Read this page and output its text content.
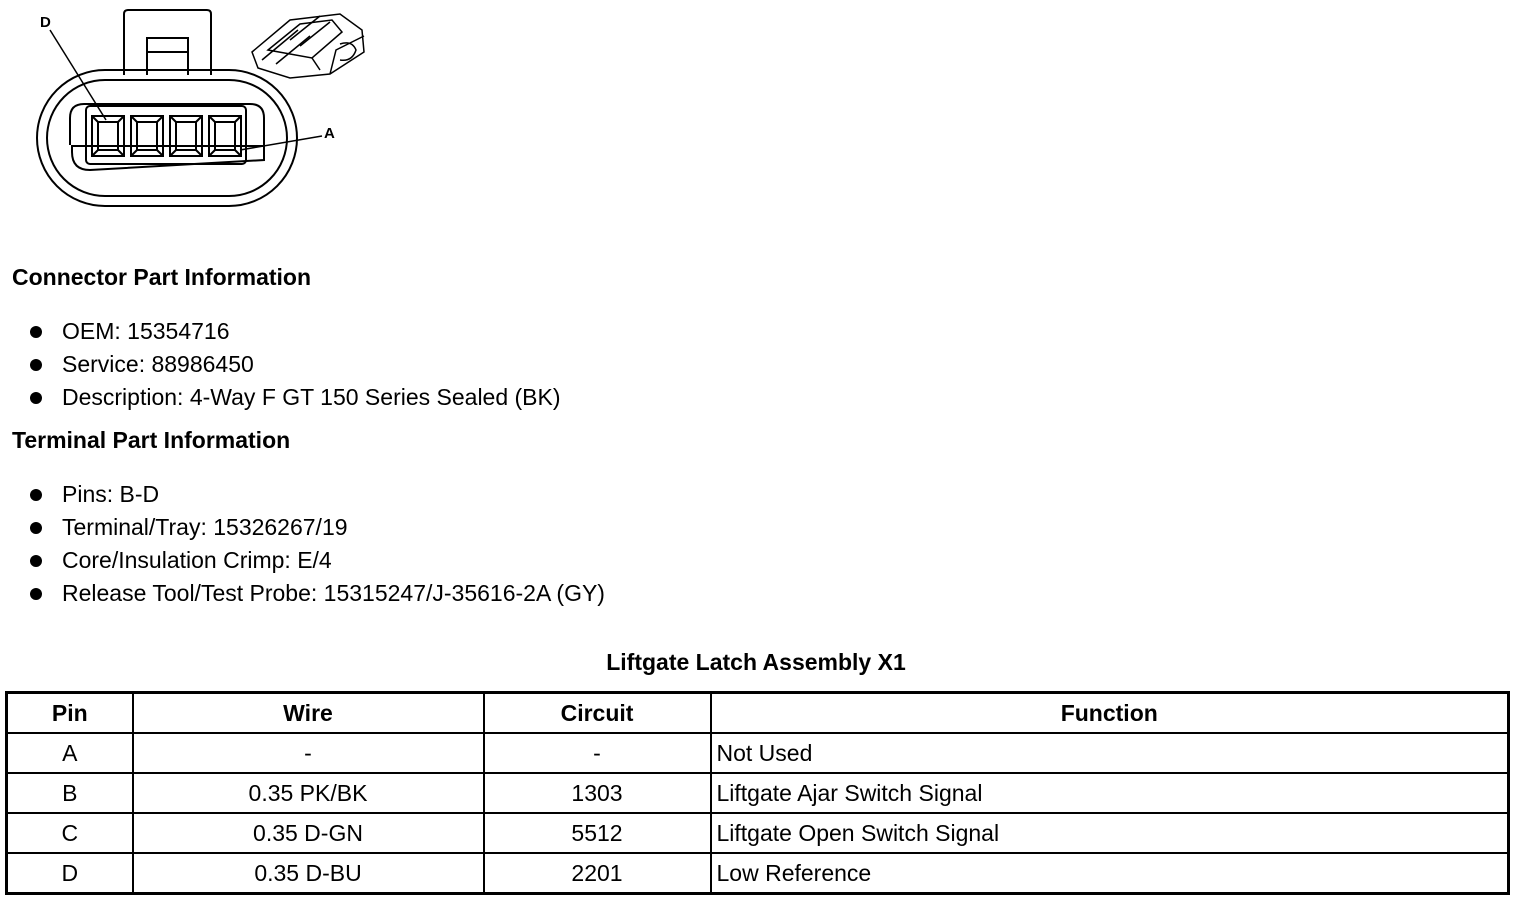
D
A
Connector Part Information
OEM: 15354716
Service: 88986450
Description: 4-Way F GT 150 Series Sealed (BK)
Terminal Part Information
Pins: B-D
Terminal/Tray: 15326267/19
Core/Insulation Crimp: E/4
Release Tool/Test Probe: 15315247/J-35616-2A (GY)
Liftgate Latch Assembly X1
Pin	Wire	Circuit	Function
A	-	-	Not Used
B	0.35 PK/BK	1303	Liftgate Ajar Switch Signal
C	0.35 D-GN	5512	Liftgate Open Switch Signal
D	0.35 D-BU	2201	Low Reference
